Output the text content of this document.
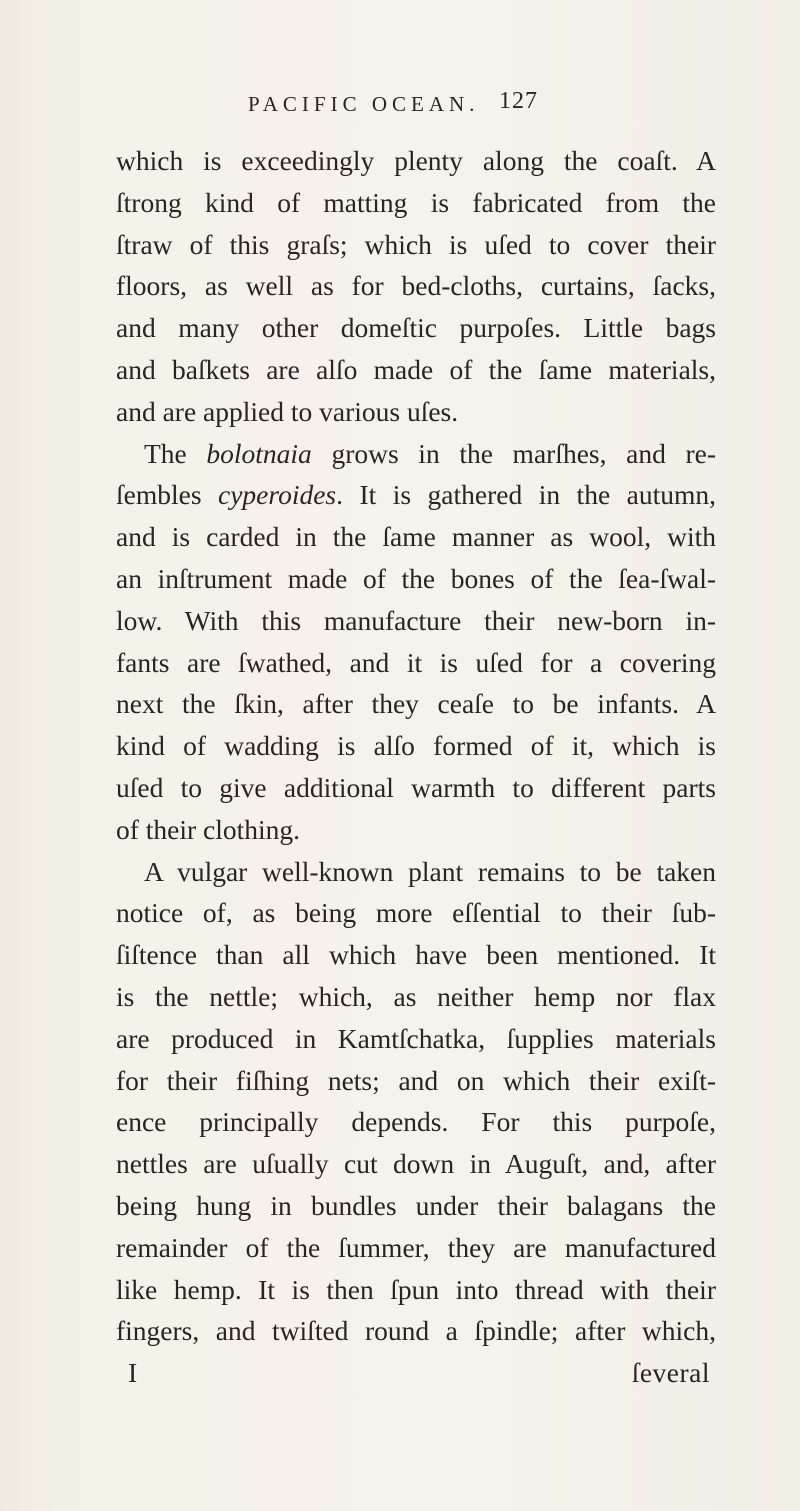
PACIFIC OCEAN. 127
which is exceedingly plenty along the coaſt. A
ſtrong kind of matting is fabricated from the
ſtraw of this graſs; which is uſed to cover their
floors, as well as for bed-cloths, curtains, ſacks,
and many other domeſtic purpoſes. Little bags
and baſkets are alſo made of the ſame materials,
and are applied to various uſes.
The bolotnaia grows in the marſhes, and re-
ſembles cyperoides. It is gathered in the autumn,
and is carded in the ſame manner as wool, with
an inſtrument made of the bones of the ſea-ſwal-
low. With this manufacture their new-born in-
fants are ſwathed, and it is uſed for a covering
next the ſkin, after they ceaſe to be infants. A
kind of wadding is alſo formed of it, which is
uſed to give additional warmth to different parts
of their clothing.
A vulgar well-known plant remains to be taken
notice of, as being more eſſential to their ſub-
ſiſtence than all which have been mentioned. It
is the nettle; which, as neither hemp nor flax
are produced in Kamtſchatka, ſupplies materials
for their fiſhing nets; and on which their exiſt-
ence principally depends. For this purpoſe,
nettles are uſually cut down in Auguſt, and, after
being hung in bundles under their balagans the
remainder of the ſummer, they are manufactured
like hemp. It is then ſpun into thread with their
fingers, and twiſted round a ſpindle; after which,
I	ſeveral
